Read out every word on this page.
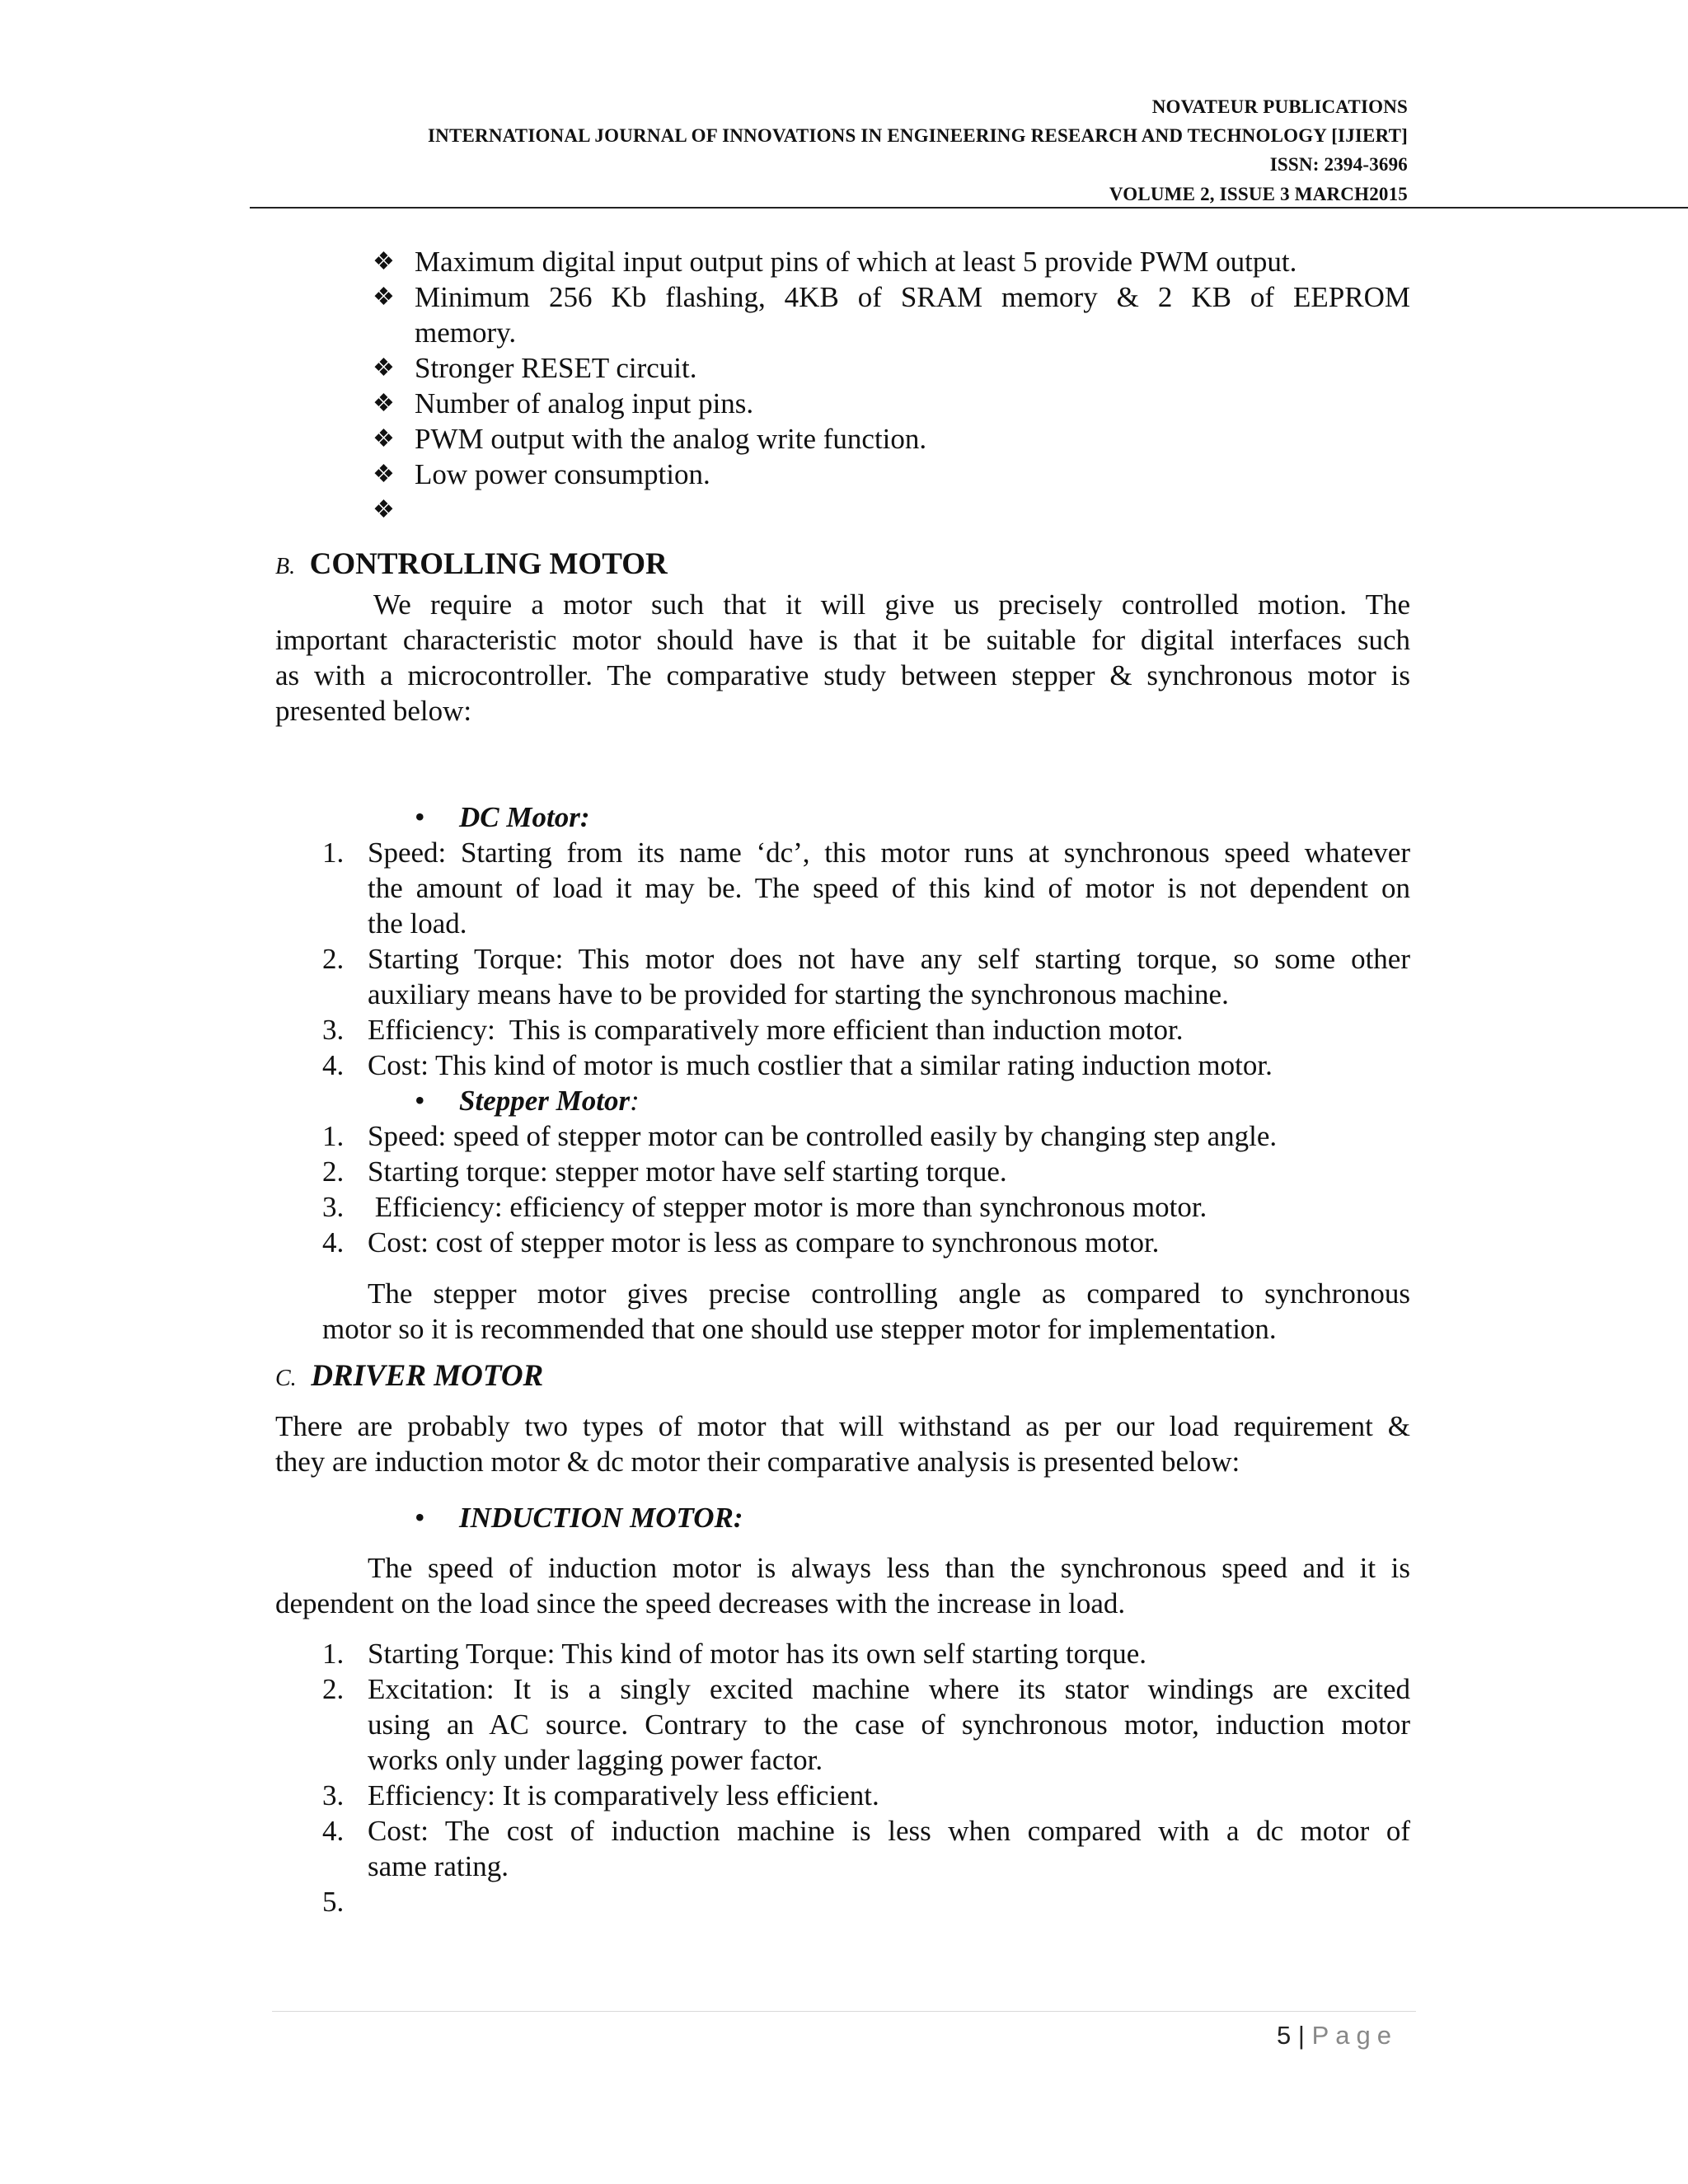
NOVATEUR PUBLICATIONS
INTERNATIONAL JOURNAL OF INNOVATIONS IN ENGINEERING RESEARCH AND TECHNOLOGY [IJIERT]
ISSN: 2394-3696
VOLUME 2, ISSUE 3 MARCH2015
❖ Maximum digital input output pins of which at least 5 provide PWM output.
❖ Minimum 256 Kb flashing, 4KB of SRAM memory & 2 KB of EEPROM
memory.
❖ Stronger RESET circuit.
❖ Number of analog input pins.
❖ PWM output with the analog write function.
❖ Low power consumption.
❖
B. CONTROLLING MOTOR
We require a motor such that it will give us precisely controlled motion. The
important characteristic motor should have is that it be suitable for digital interfaces such
as with a microcontroller. The comparative study between stepper & synchronous motor is
presented below:
• DC Motor:
1. Speed: Starting from its name ‘dc’, this motor runs at synchronous speed whatever
the amount of load it may be. The speed of this kind of motor is not dependent on
the load.
2. Starting Torque: This motor does not have any self starting torque, so some other
auxiliary means have to be provided for starting the synchronous machine.
3. Efficiency:  This is comparatively more efficient than induction motor.
4. Cost: This kind of motor is much costlier that a similar rating induction motor.
• Stepper Motor:
1. Speed: speed of stepper motor can be controlled easily by changing step angle.
2. Starting torque: stepper motor have self starting torque.
3. Efficiency: efficiency of stepper motor is more than synchronous motor.
4. Cost: cost of stepper motor is less as compare to synchronous motor.
The stepper motor gives precise controlling angle as compared to synchronous
motor so it is recommended that one should use stepper motor for implementation.
C. DRIVER MOTOR
There are probably two types of motor that will withstand as per our load requirement &
they are induction motor & dc motor their comparative analysis is presented below:
• INDUCTION MOTOR:
The speed of induction motor is always less than the synchronous speed and it is
dependent on the load since the speed decreases with the increase in load.
1. Starting Torque: This kind of motor has its own self starting torque.
2. Excitation: It is a singly excited machine where its stator windings are excited
using an AC source. Contrary to the case of synchronous motor, induction motor
works only under lagging power factor.
3. Efficiency: It is comparatively less efficient.
4. Cost: The cost of induction machine is less when compared with a dc motor of
same rating.
5.
5 | Page
